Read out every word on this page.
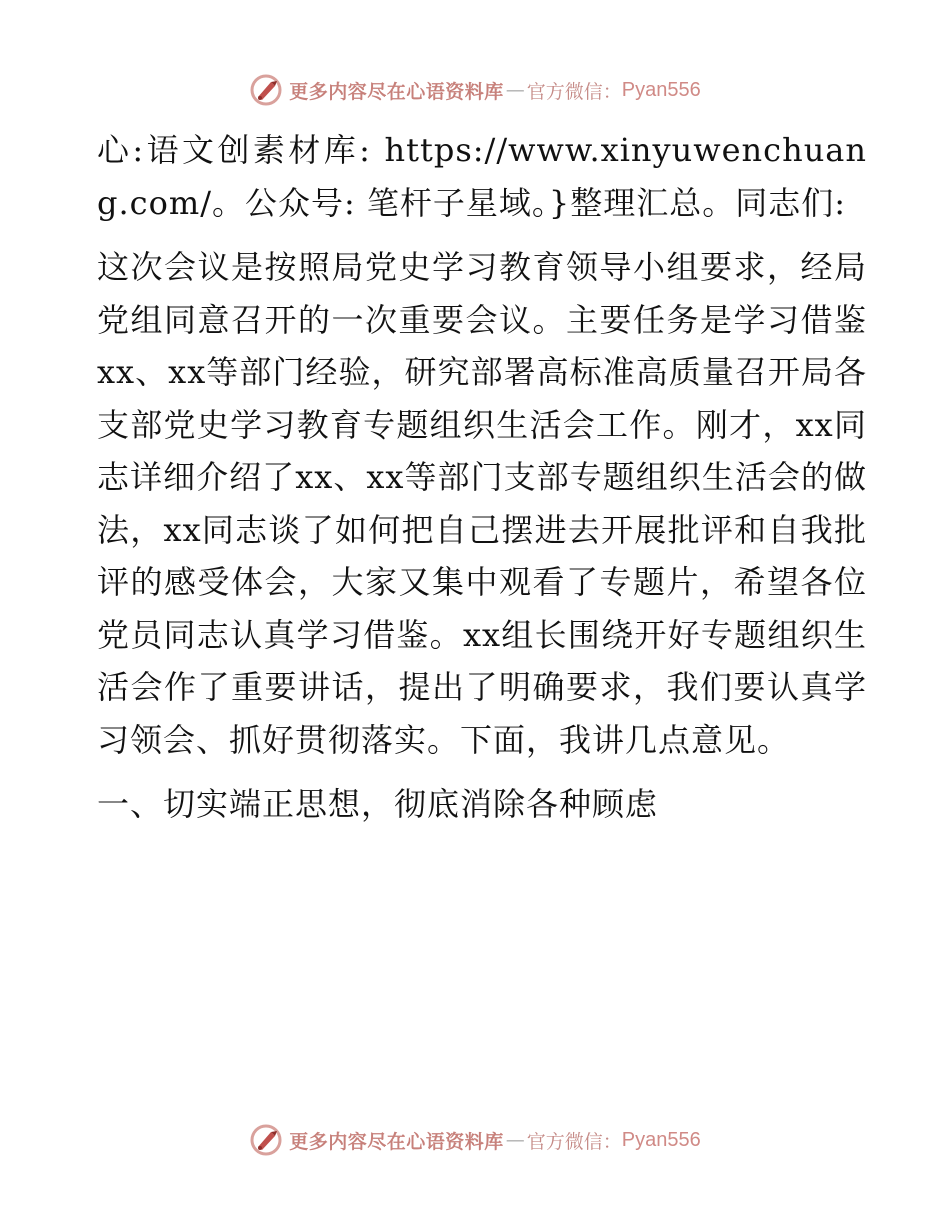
更多内容尽在心语资料库 — 官方微信： Pyan556

心:语文创素材库: https://www.xinyuwenchuang.com/。公众号: 笔杆子星域。}整理汇总。同志们:

这次会议是按照局党史学习教育领导小组要求，经局党组同意召开的一次重要会议。主要任务是学习借鉴xx、xx等部门经验，研究部署高标准高质量召开局各支部党史学习教育专题组织生活会工作。刚才，xx同志详细介绍了xx、xx等部门支部专题组织生活会的做法，xx同志谈了如何把自己摆进去开展批评和自我批评的感受体会，大家又集中观看了专题片，希望各位党员同志认真学习借鉴。xx组长围绕开好专题组织生活会作了重要讲话，提出了明确要求，我们要认真学习领会、抓好贯彻落实。下面，我讲几点意见。

一、切实端正思想，彻底消除各种顾虑

更多内容尽在心语资料库 — 官方微信： Pyan556
